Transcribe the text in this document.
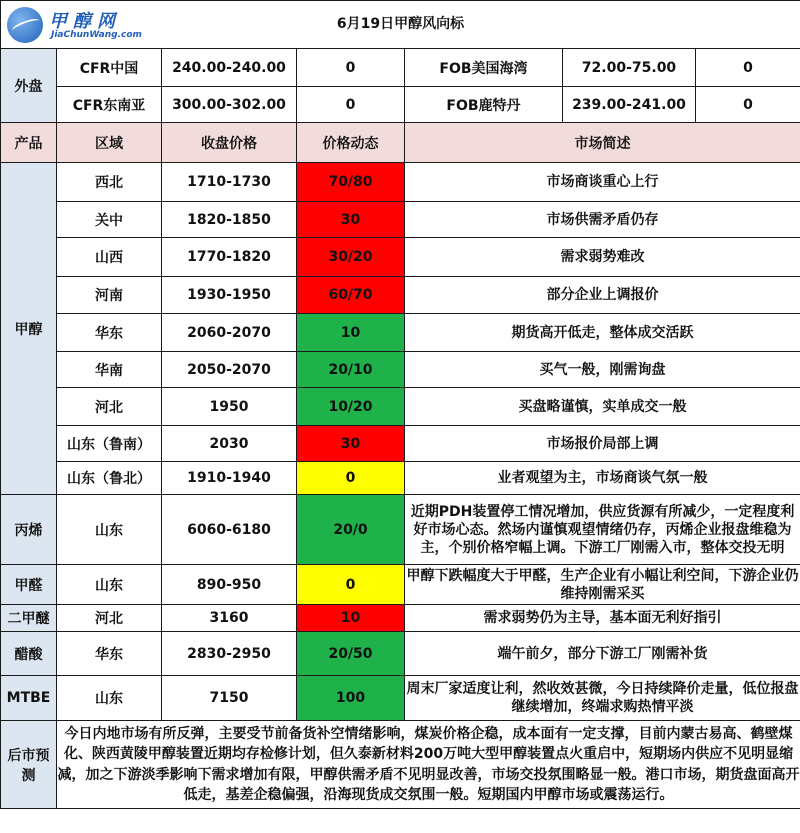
甲醇网
JiaChunWang.com
6月19日甲醇风向标						

外盘	CFR中国	240.00-240.00	0	FOB美国海湾	72.00-75.00	0
	CFR东南亚	300.00-302.00	0	FOB鹿特丹	239.00-241.00	0
产品	区域	收盘价格	价格动态	市场简述		
甲醇	西北	1710-1730	70/80	市场商谈重心上行		
	关中	1820-1850	30	市场供需矛盾仍存		
	山西	1770-1820	30/20	需求弱势难改		
	河南	1930-1950	60/70	部分企业上调报价		
	华东	2060-2070	10	期货高开低走，整体成交活跃		
	华南	2050-2070	20/10	买气一般，刚需询盘		
	河北	1950	10/20	买盘略谨慎，实单成交一般		
	山东（鲁南）	2030	30	市场报价局部上调		
	山东（鲁北）	1910-1940	0	业者观望为主，市场商谈气氛一般		
丙烯	山东	6060-6180	20/0	近期PDH装置停工情况增加，供应货源有所减少，一定程度利好市场心态。然场内谨慎观望情绪仍存，丙烯企业报盘维稳为主，个别价格窄幅上调。下游工厂刚需入市，整体交投无明		
甲醛	山东	890-950	0	甲醇下跌幅度大于甲醛，生产企业有小幅让利空间，下游企业仍维持刚需采买		
二甲醚	河北	3160	10	需求弱势仍为主导，基本面无利好指引		
醋酸	华东	2830-2950	20/50	端午前夕，部分下游工厂刚需补货		
MTBE	山东	7150	100	周末厂家适度让利，然收效甚微，今日持续降价走量，低位报盘继续增加，终端求购热情平淡		
后市预测	今日内地市场有所反弹，主要受节前备货补空情绪影响，煤炭价格企稳，成本面有一定支撑，目前内蒙古易高、鹤壁煤化、陕西黄陵甲醇装置近期均存检修计划，但久泰新材料200万吨大型甲醇装置点火重启中，短期场内供应不见明显缩减，加之下游淡季影响下需求增加有限，甲醇供需矛盾不见明显改善，市场交投氛围略显一般。港口市场，期货盘面高开低走，基差企稳偏强，沿海现货成交氛围一般。短期国内甲醇市场或震荡运行。					
